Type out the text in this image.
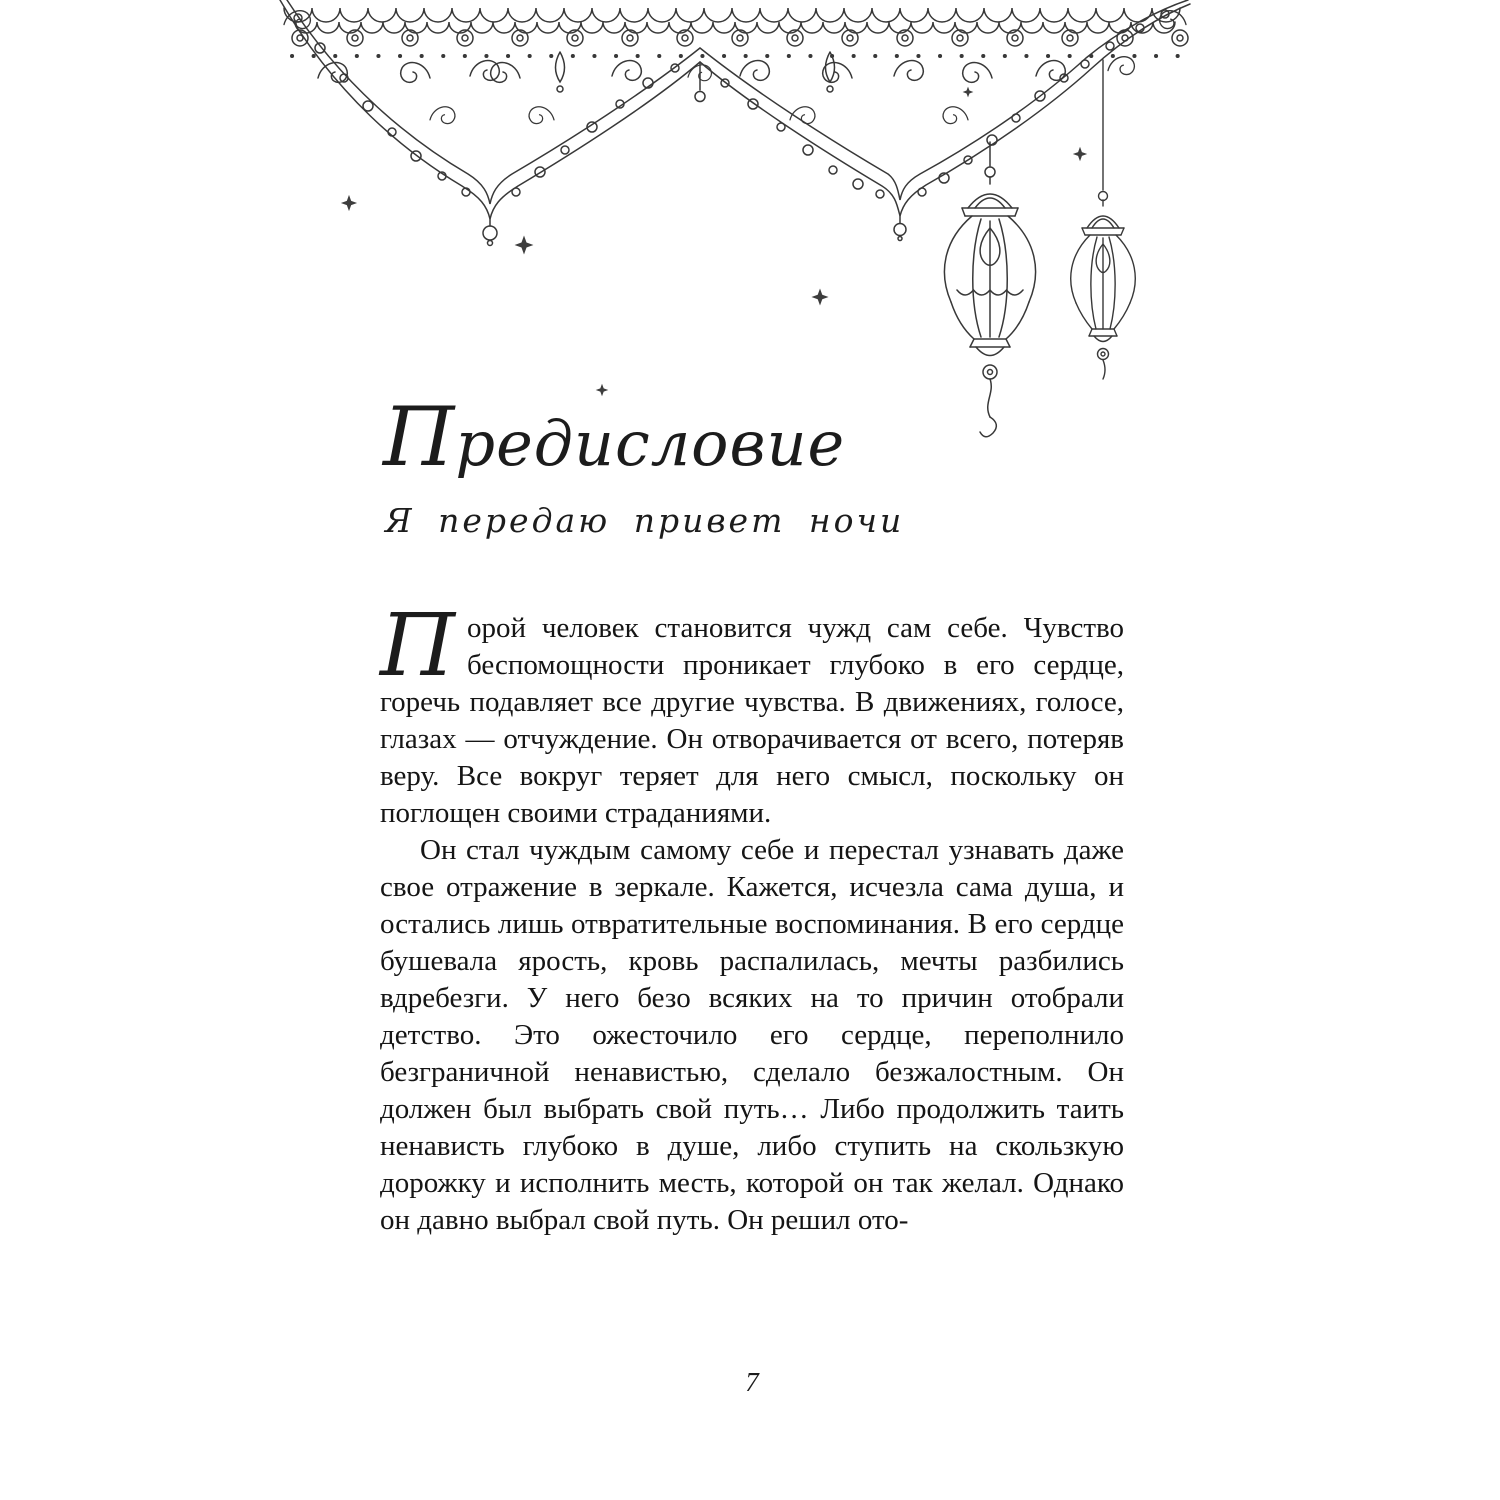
Предисловие
Я передаю привет ночи

Порой человек становится чужд сам себе. Чувство беспомощности проникает глубоко в его сердце, горечь подавляет все другие чувства. В движениях, голосе, глазах — отчуждение. Он отворачивается от всего, потеряв веру. Все вокруг теряет для него смысл, поскольку он поглощен своими страданиями.

Он стал чуждым самому себе и перестал узнавать даже свое отражение в зеркале. Кажется, исчезла сама душа, и остались лишь отвратительные воспоминания. В его сердце бушевала ярость, кровь распалилась, мечты разбились вдребезги. У него безо всяких на то причин отобрали детство. Это ожесточило его сердце, переполнило безграничной ненавистью, сделало безжалостным. Он должен был выбрать свой путь… Либо продолжить таить ненависть глубоко в душе, либо ступить на скользкую дорожку и исполнить месть, которой он так желал. Однако он давно выбрал свой путь. Он решил ото-

7
